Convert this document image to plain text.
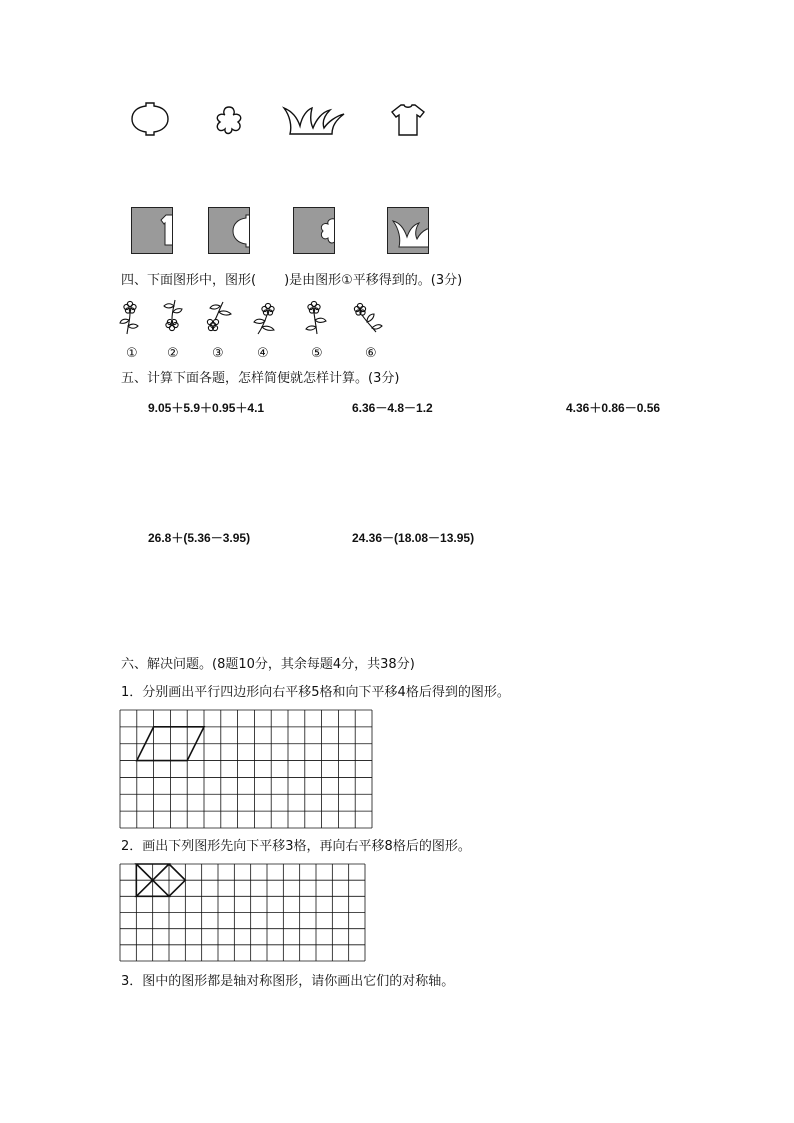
四、下面图形中，图形( )是由图形①平移得到的。(3分)
① ②	③	④	⑤	⑥
五、计算下面各题，怎样简便就怎样计算。(3分)
9.05＋5.9＋0.95＋4.1	6.36－4.8－1.2	4.36＋0.86－0.56
26.8＋(5.36－3.95)	24.36－(18.08－13.95)
六、解决问题。(8题10分，其余每题4分，共38分)
1．分别画出平行四边形向右平移5格和向下平移4格后得到的图形。
2．画出下列图形先向下平移3格，再向右平移8格后的图形。
3．图中的图形都是轴对称图形，请你画出它们的对称轴。
